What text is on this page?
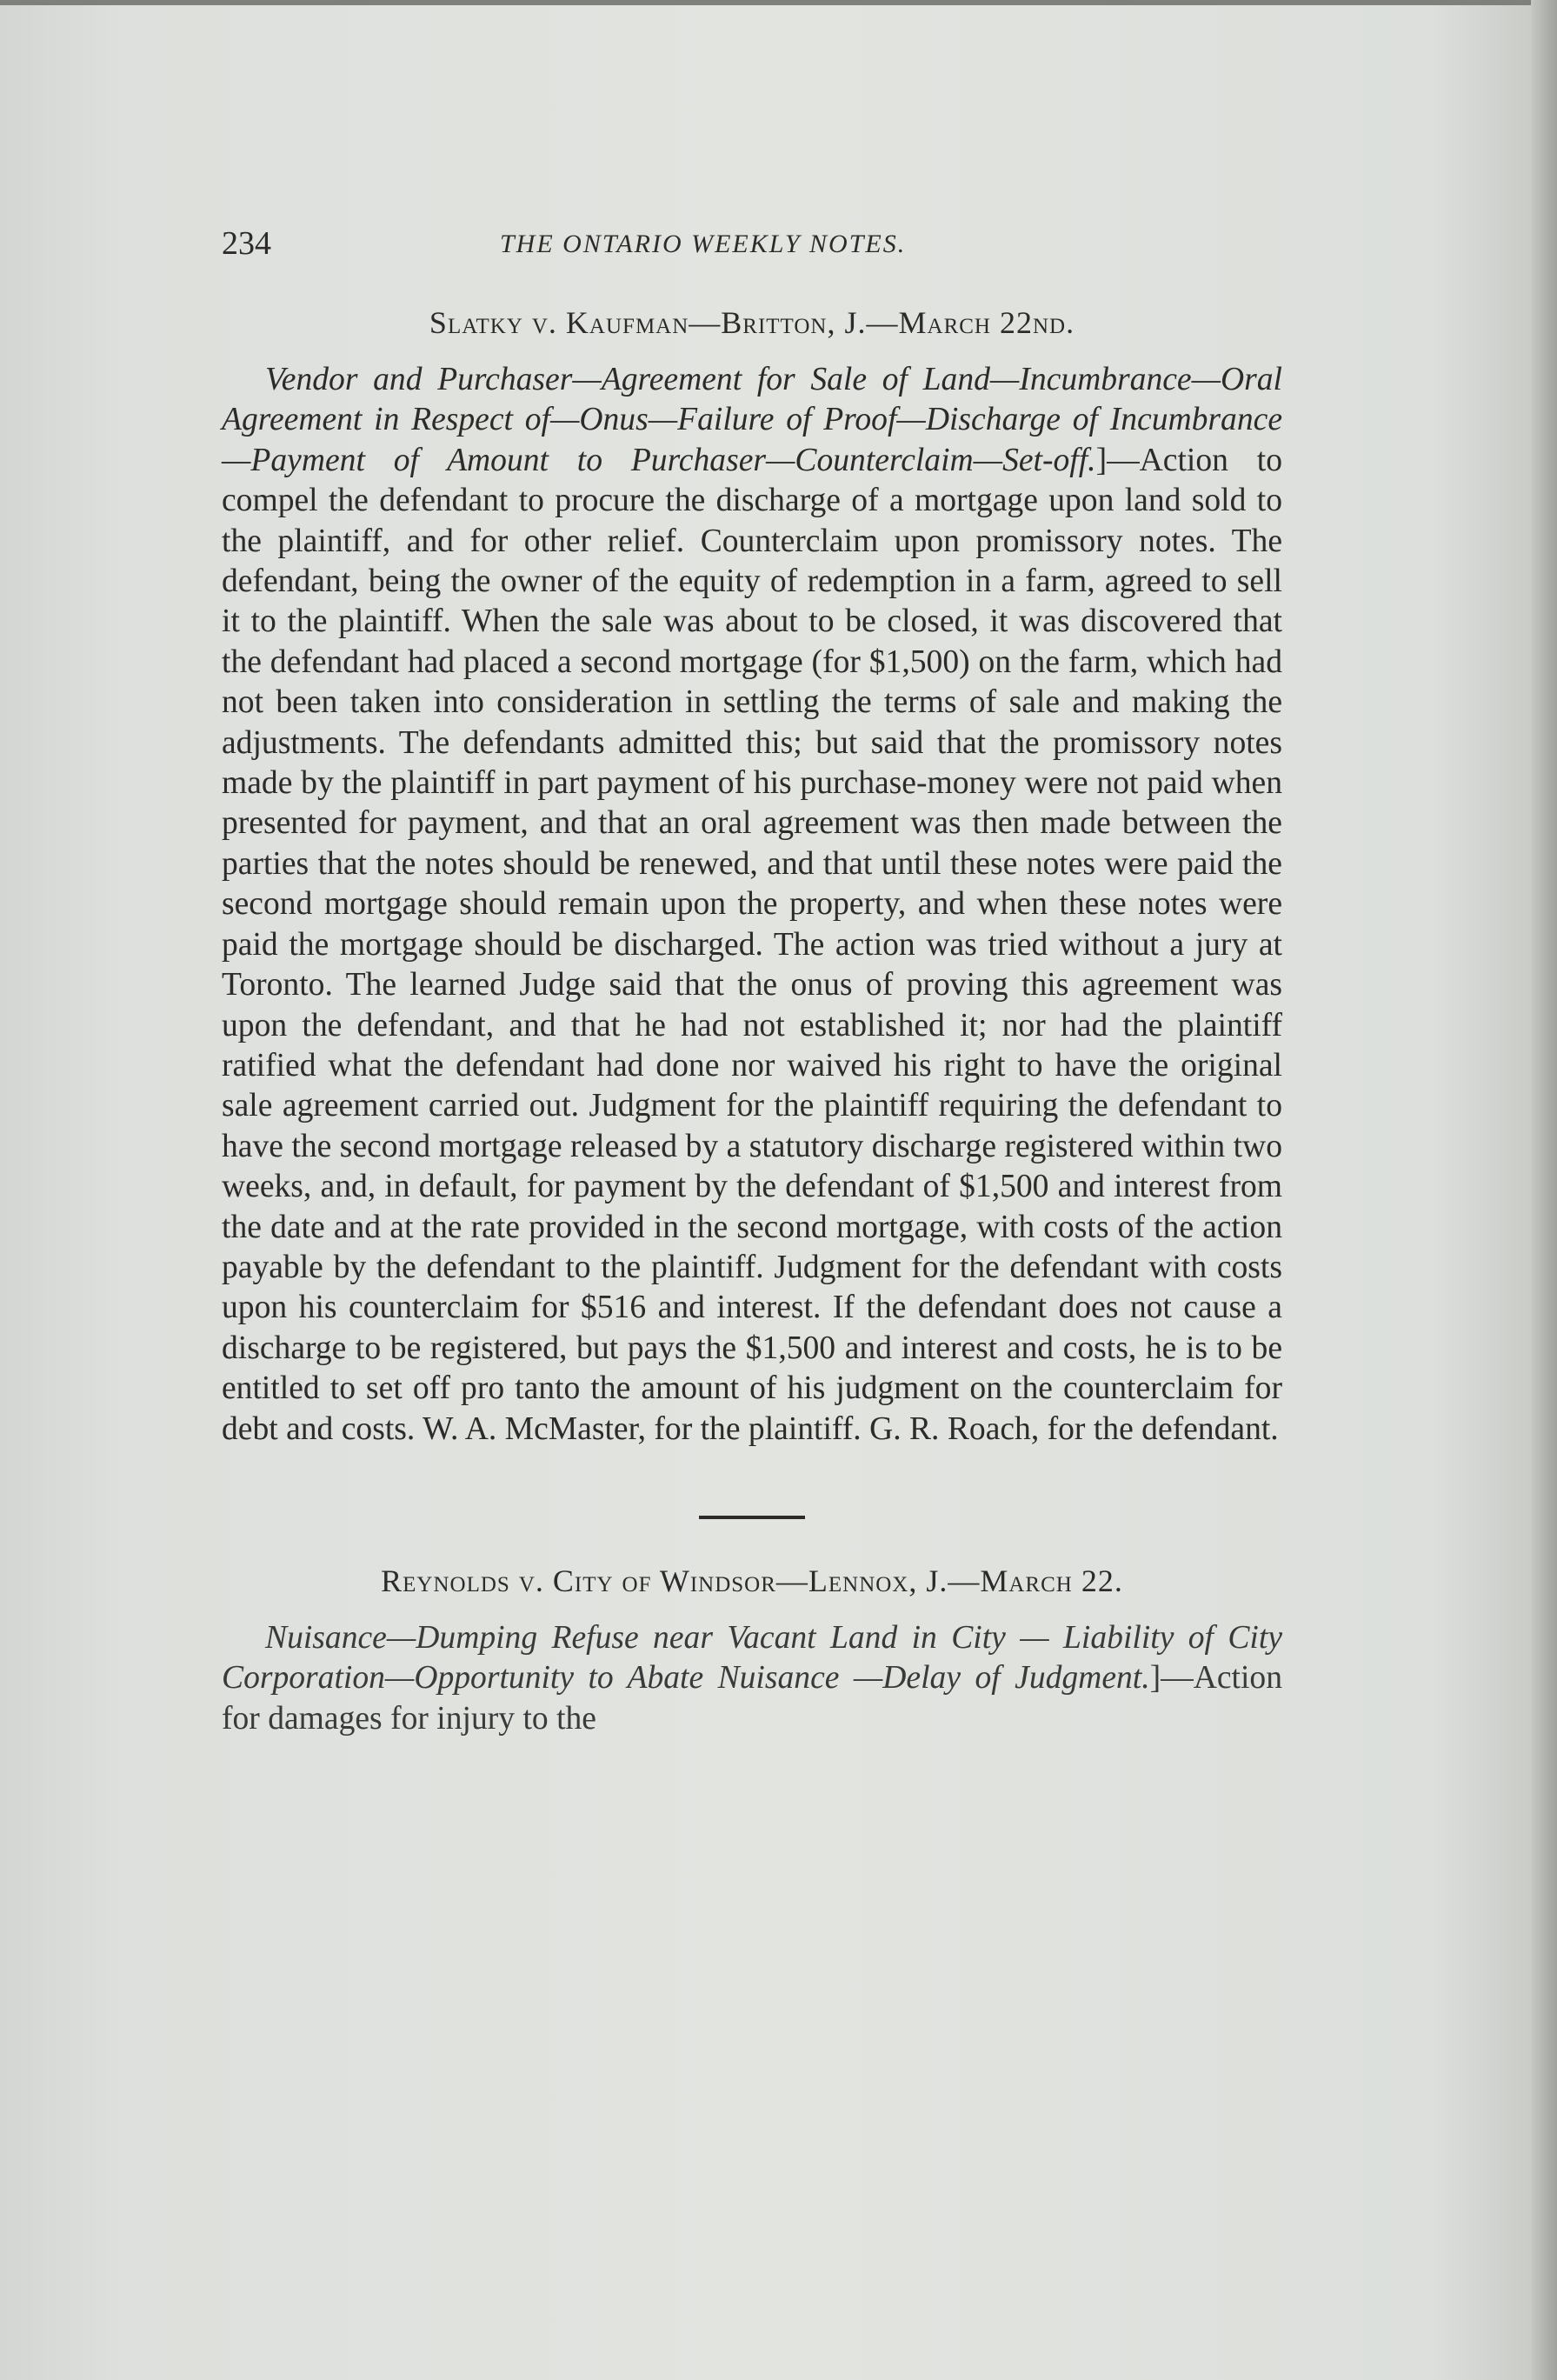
234	THE ONTARIO WEEKLY NOTES.
Slatky v. Kaufman—Britton, J.—March 22nd.

Vendor and Purchaser—Agreement for Sale of Land—Incumbrance—Oral Agreement in Respect of—Onus—Failure of Proof—Discharge of Incumbrance—Payment of Amount to Purchaser—Counterclaim—Set-off.]—Action to compel the defendant to procure the discharge of a mortgage upon land sold to the plaintiff, and for other relief. Counterclaim upon promissory notes. The defendant, being the owner of the equity of redemption in a farm, agreed to sell it to the plaintiff. When the sale was about to be closed, it was discovered that the defendant had placed a second mortgage (for $1,500) on the farm, which had not been taken into consideration in settling the terms of sale and making the adjustments. The defendants admitted this; but said that the promissory notes made by the plaintiff in part payment of his purchase-money were not paid when presented for payment, and that an oral agreement was then made between the parties that the notes should be renewed, and that until these notes were paid the second mortgage should remain upon the property, and when these notes were paid the mortgage should be discharged. The action was tried without a jury at Toronto. The learned Judge said that the onus of proving this agreement was upon the defendant, and that he had not established it; nor had the plaintiff ratified what the defendant had done nor waived his right to have the original sale agreement carried out. Judgment for the plaintiff requiring the defendant to have the second mortgage released by a statutory discharge registered within two weeks, and, in default, for payment by the defendant of $1,500 and interest from the date and at the rate provided in the second mortgage, with costs of the action payable by the defendant to the plaintiff. Judgment for the defendant with costs upon his counterclaim for $516 and interest. If the defendant does not cause a discharge to be registered, but pays the $1,500 and interest and costs, he is to be entitled to set off pro tanto the amount of his judgment on the counterclaim for debt and costs. W. A. McMaster, for the plaintiff. G. R. Roach, for the defendant.

Reynolds v. City of Windsor—Lennox, J.—March 22.

Nuisance—Dumping Refuse near Vacant Land in City — Liability of City Corporation—Opportunity to Abate Nuisance —Delay of Judgment.]—Action for damages for injury to the
